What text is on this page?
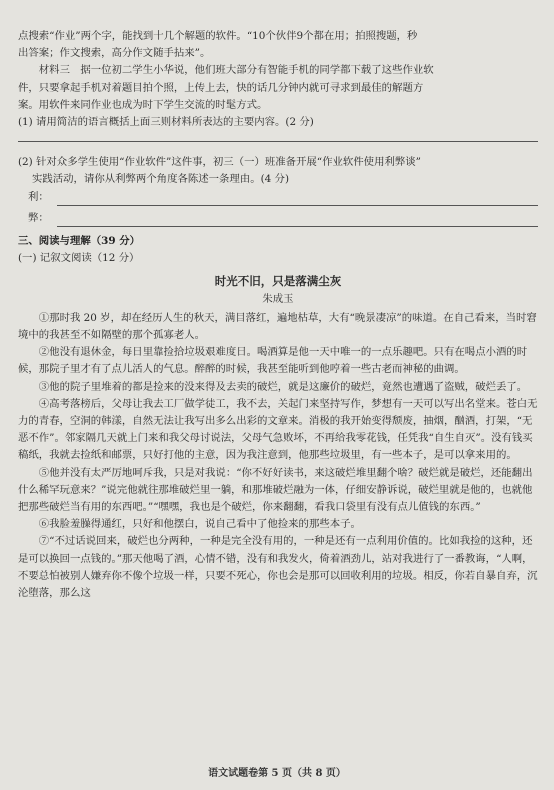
点搜索“作业”两个字，能找到十几个解题的软件。“10个伙伴9个都在用；拍照搜题，秒

出答案；作文搜索，高分作文随手拈来”。

材料三　据一位初二学生小华说，他们班大部分有智能手机的同学都下载了这些作业软

件，只要拿起手机对着题目拍个照，上传上去，快的话几分钟内就可寻求到最佳的解题方

案。用软件来同作业也成为时下学生交流的时髦方式。

(1) 请用简洁的语言概括上面三则材料所表达的主要内容。(2 分)

(2) 针对众多学生使用“作业软件”这件事，初三（一）班准备开展“作业软件使用利弊谈”

实践活动，请你从利弊两个角度各陈述一条理由。(4 分)

利：
弊：

三、阅读与理解（39 分）

(一) 记叙文阅读（12 分）

时光不旧，只是落满尘灰
朱成玉

①那时我 20 岁，却在经历人生的秋天，满目落红，遍地枯草，大有“晚景凄凉”的味道。在自己看来，当时窘境中的我甚至不如隔壁的那个孤寡老人。

②他没有退休金，每日里靠捡拾垃圾艰难度日。喝酒算是他一天中唯一的一点乐趣吧。只有在喝点小酒的时候，那院子里才有了点儿活人的气息。醉醉的时候，我甚至能听到他哼着一些古老而神秘的曲调。

③他的院子里堆着的都是捡来的没来得及去卖的破烂，就是这廉价的破烂，竟然也遭遇了盗贼，破烂丢了。

④高考落榜后，父母让我去工厂做学徒工，我不去，关起门来坚持写作，梦想有一天可以写出名堂来。苍白无力的青春，空洞的韩漾，自然无法让我写出多么出彩的文章来。消极的我开始变得颓废，抽烟，酗酒，打架，“无恶不作”。邻家隔几天就上门来和我父母讨说法，父母气急败坏，不再给我零花钱，任凭我“自生自灭”。没有钱买稿纸，我就去捡纸和邮票，只好打他的主意，因为我注意到，他那些垃圾里，有一些本子，是可以拿来用的。

⑤他并没有太严厉地呵斥我，只是对我说：“你不好好读书，来这破烂堆里翻个啥？破烂就是破烂，还能翻出什么稀罕玩意来？”说完他就往那堆破烂里一躺，和那堆破烂融为一体，仔细安静诉说，破烂里就是他的，也就他把那些破烂当有用的东西吧。”“嘿嘿，我也是个破烂，你来翻翻，看我口袋里有没有点儿值钱的东西。”

⑥我脸羞臊得通红，只好和他摆白，说自己看中了他捡来的那些本子。

⑦“不过话说回来，破烂也分两种，一种是完全没有用的，一种是还有一点利用价值的。比如我捡的这种，还是可以换回一点钱的。”那天他喝了酒，心情不错，没有和我发火，倚着酒劲儿，站对我进行了一番教诲，“人啊，不要总怕被别人嫌弃你不像个垃圾一样，只要不死心，你也会是那可以回收利用的垃圾。相反，你若自暴自弃，沉沦堕落，那么这

语文试题卷第 5 页（共 8 页）
